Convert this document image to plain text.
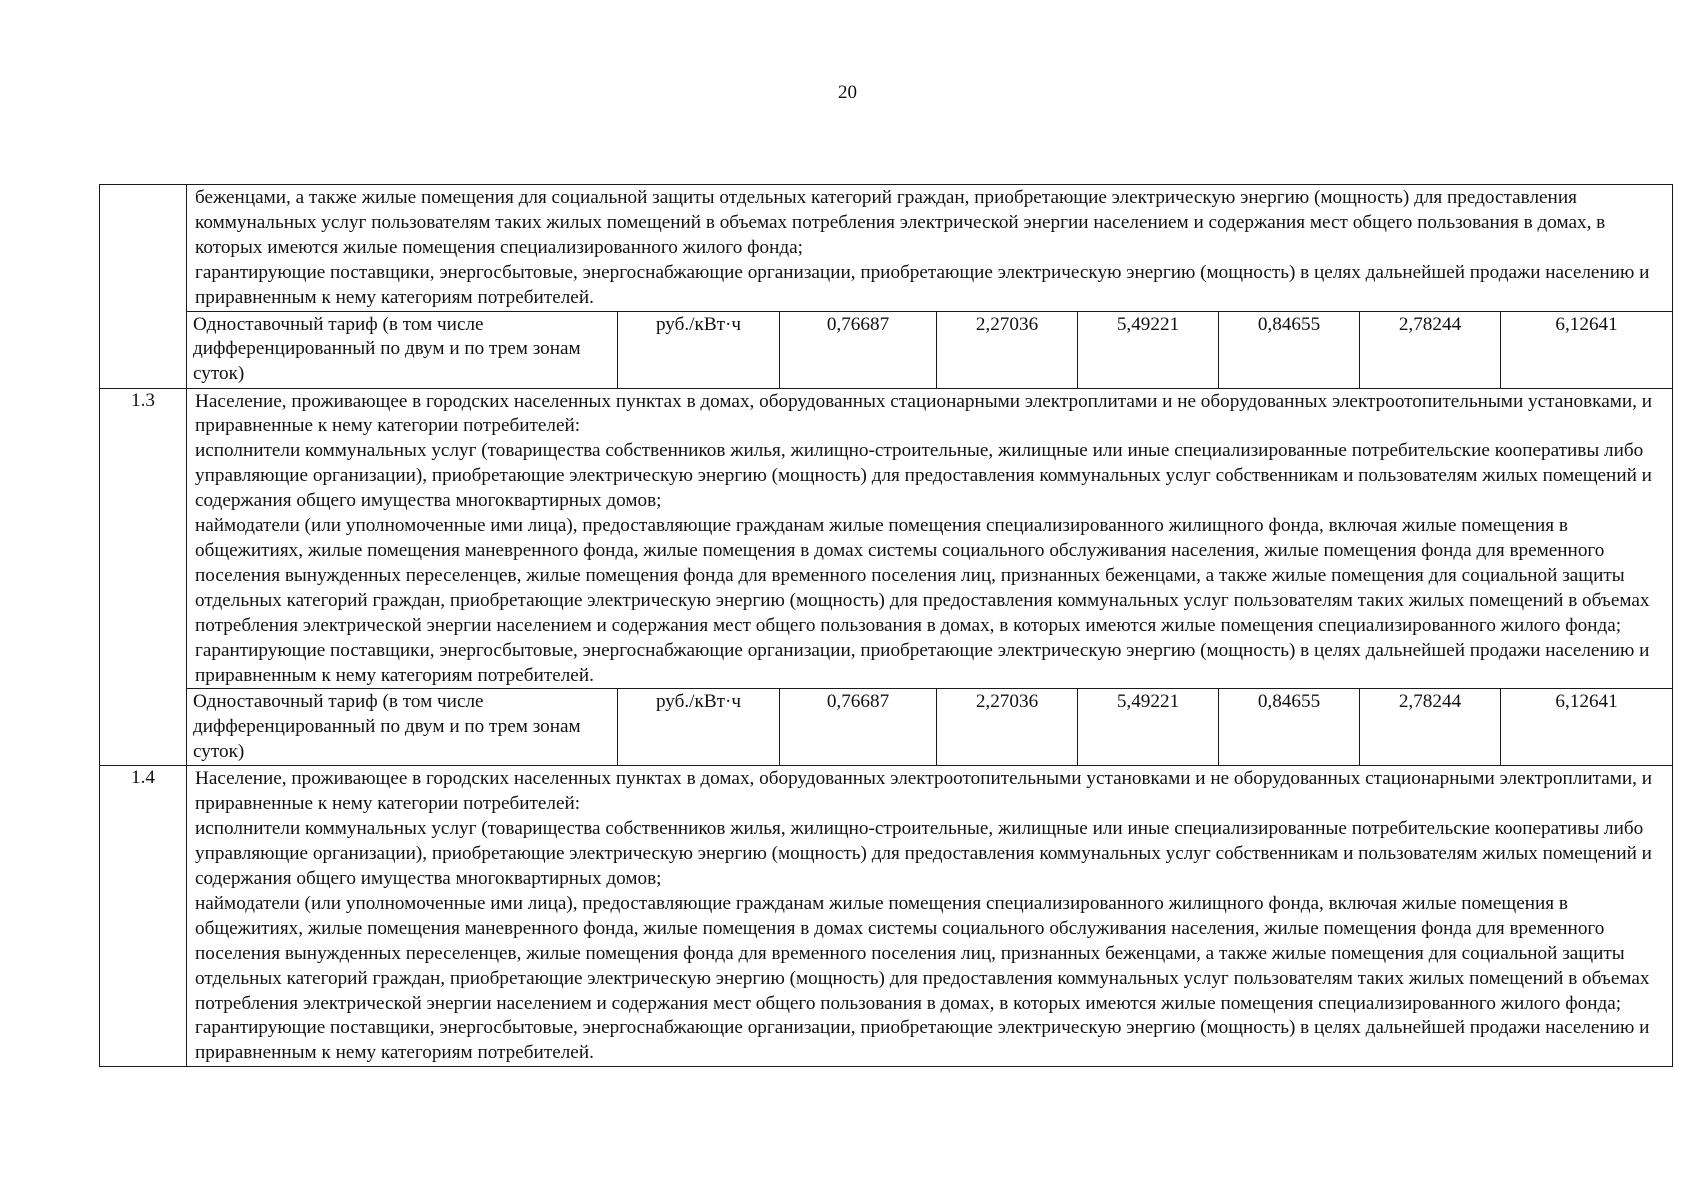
20

	беженцами, а также жилые помещения для социальной защиты отдельных категорий граждан, приобретающие электрическую энергию (мощность) для предоставления коммунальных услуг пользователям таких жилых помещений в объемах потребления электрической энергии населением и содержания мест общего пользования в домах, в которых имеются жилые помещения специализированного жилого фонда;
гарантирующие поставщики, энергосбытовые, энергоснабжающие организации, приобретающие электрическую энергию (мощность) в целях дальнейшей продажи населению и приравненным к нему категориям потребителей.							

	Одноставочный тариф (в том числе дифференцированный по двум и по трем зонам суток)	руб./кВт·ч	0,76687	2,27036	5,49221	0,84655	2,78244	6,12641
1.3	Население, проживающее в городских населенных пунктах в домах, оборудованных стационарными электроплитами и не оборудованных электроотопительными установками, и приравненные к нему категории потребителей:
исполнители коммунальных услуг (товарищества собственников жилья, жилищно-строительные, жилищные или иные специализированные потребительские кооперативы либо управляющие организации), приобретающие электрическую энергию (мощность) для предоставления коммунальных услуг собственникам и пользователям жилых помещений и содержания общего имущества многоквартирных домов;
наймодатели (или уполномоченные ими лица), предоставляющие гражданам жилые помещения специализированного жилищного фонда, включая жилые помещения в общежитиях, жилые помещения маневренного фонда, жилые помещения в домах системы социального обслуживания населения, жилые помещения фонда для временного поселения вынужденных переселенцев, жилые помещения фонда для временного поселения лиц, признанных беженцами, а также жилые помещения для социальной защиты отдельных категорий граждан, приобретающие электрическую энергию (мощность) для предоставления коммунальных услуг пользователям таких жилых помещений в объемах потребления электрической энергии населением и содержания мест общего пользования в домах, в которых имеются жилые помещения специализированного жилого фонда;
гарантирующие поставщики, энергосбытовые, энергоснабжающие организации, приобретающие электрическую энергию (мощность) в целях дальнейшей продажи населению и приравненным к нему категориям потребителей.							

	Одноставочный тариф (в том числе дифференцированный по двум и по трем зонам суток)	руб./кВт·ч	0,76687	2,27036	5,49221	0,84655	2,78244	6,12641
1.4	Население, проживающее в городских населенных пунктах в домах, оборудованных электроотопительными установками и не оборудованных стационарными электроплитами, и приравненные к нему категории потребителей:
исполнители коммунальных услуг (товарищества собственников жилья, жилищно-строительные, жилищные или иные специализированные потребительские кооперативы либо управляющие организации), приобретающие электрическую энергию (мощность) для предоставления коммунальных услуг собственникам и пользователям жилых помещений и содержания общего имущества многоквартирных домов;
наймодатели (или уполномоченные ими лица), предоставляющие гражданам жилые помещения специализированного жилищного фонда, включая жилые помещения в общежитиях, жилые помещения маневренного фонда, жилые помещения в домах системы социального обслуживания населения, жилые помещения фонда для временного поселения вынужденных переселенцев, жилые помещения фонда для временного поселения лиц, признанных беженцами, а также жилые помещения для социальной защиты отдельных категорий граждан, приобретающие электрическую энергию (мощность) для предоставления коммунальных услуг пользователям таких жилых помещений в объемах потребления электрической энергии населением и содержания мест общего пользования в домах, в которых имеются жилые помещения специализированного жилого фонда;
гарантирующие поставщики, энергосбытовые, энергоснабжающие организации, приобретающие электрическую энергию (мощность) в целях дальнейшей продажи населению и приравненным к нему категориям потребителей.							
